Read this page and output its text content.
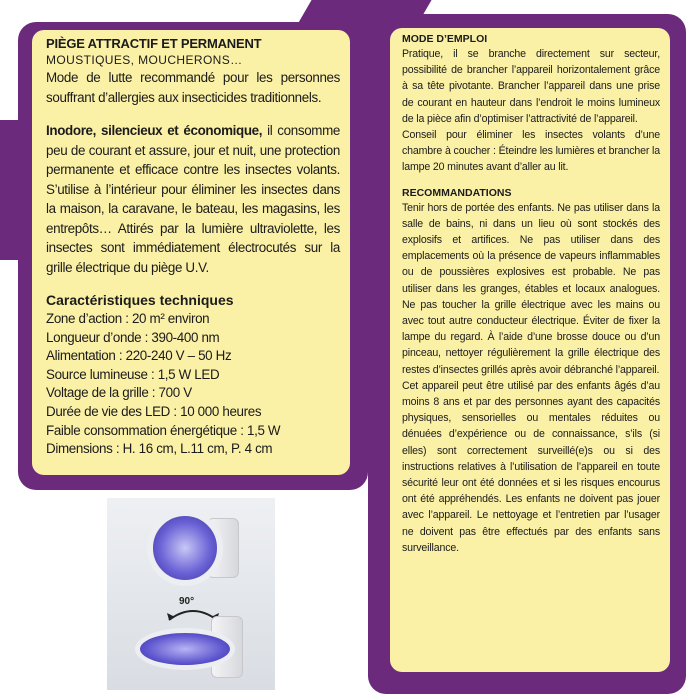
PIÈGE ATTRACTIF ET PERMANENT
MOUSTIQUES, MOUCHERONS…

Mode de lutte recommandé pour les personnes souffrant d’allergies aux insecticides traditionnels.

Inodore, silencieux et économique, il consomme peu de courant et assure, jour et nuit, une protection permanente et efficace contre les insectes volants. S’utilise à l’intérieur pour éliminer les insectes dans la maison, la caravane, le bateau, les magasins, les entrepôts… Attirés par la lumière ultraviolette, les insectes sont immédiatement électrocutés sur la grille électrique du piège U.V.

Caractéristiques techniques
Zone d’action : 20 m² environ
Longueur d’onde : 390-400 nm
Alimentation : 220-240 V – 50 Hz
Source lumineuse : 1,5 W LED
Voltage de la grille : 700 V
Durée de vie des LED : 10 000 heures
Faible consommation énergétique : 1,5 W
Dimensions : H. 16 cm, L.11 cm, P. 4 cm
MODE D’EMPLOI

Pratique, il se branche directement sur secteur, possibilité de brancher l’appareil horizontalement grâce à sa tête pivotante. Brancher l’appareil dans une prise de courant en hauteur dans l’endroit le moins lumineux de la pièce afin d’optimiser l’attractivité de l’appareil.

Conseil pour éliminer les insectes volants d’une chambre à coucher : Éteindre les lumières et brancher la lampe 20 minutes avant d’aller au lit.

RECOMMANDATIONS

Tenir hors de portée des enfants. Ne pas utiliser dans la salle de bains, ni dans un lieu où sont stockés des explosifs et artifices. Ne pas utiliser dans des emplacements où la présence de vapeurs inflammables ou de poussières explosives est probable. Ne pas utiliser dans les granges, étables et locaux analogues. Ne pas toucher la grille électrique avec les mains ou avec tout autre conducteur électrique. Éviter de fixer la lampe du regard. À l’aide d’une brosse douce ou d’un pinceau, nettoyer régulièrement la grille électrique des restes d’insectes grillés après avoir débranché l’appareil.

Cet appareil peut être utilisé par des enfants âgés d’au moins 8 ans et par des personnes ayant des capacités physiques, sensorielles ou mentales réduites ou dénuées d’expérience ou de connaissance, s’ils (si elles) sont correctement surveillé(e)s ou si des instructions relatives à l’utilisation de l’appareil en toute sécurité leur ont été données et si les risques encourus ont été appréhendés. Les enfants ne doivent pas jouer avec l’appareil. Le nettoyage et l’entretien par l’usager ne doivent pas être effectués par des enfants sans surveillance.

90°
